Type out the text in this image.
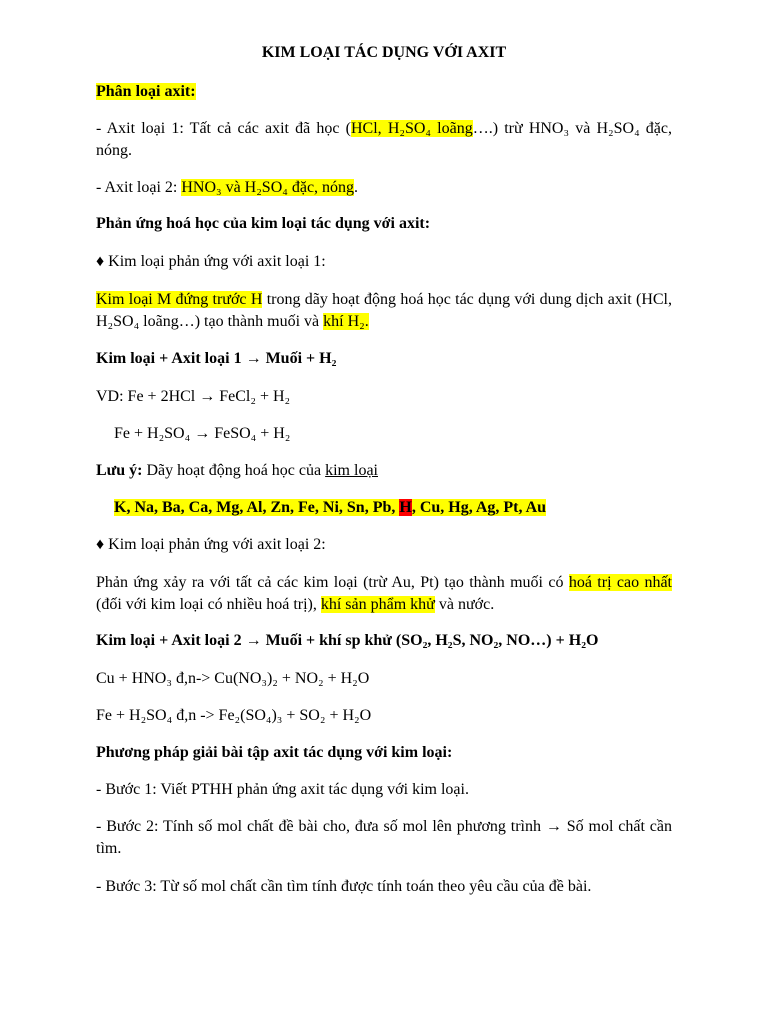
KIM LOẠI TÁC DỤNG VỚI AXIT
Phân loại axit:
- Axit loại 1: Tất cả các axit đã học (HCl, H₂SO₄ loãng….) trừ HNO₃ và H₂SO₄ đặc, nóng.
- Axit loại 2: HNO₃ và H₂SO₄ đặc, nóng.
Phản ứng hoá học của kim loại tác dụng với axit:
♦ Kim loại phản ứng với axit loại 1:
Kim loại M đứng trước H trong dãy hoạt động hoá học tác dụng với dung dịch axit (HCl, H₂SO₄ loãng…) tạo thành muối và khí H₂.
Kim loại + Axit loại 1 → Muối + H₂
VD: Fe + 2HCl → FeCl₂ + H₂
Fe + H₂SO₄ → FeSO₄ + H₂
Lưu ý: Dãy hoạt động hoá học của kim loại
K, Na, Ba, Ca, Mg, Al, Zn, Fe, Ni, Sn, Pb, H, Cu, Hg, Ag, Pt, Au
♦ Kim loại phản ứng với axit loại 2:
Phản ứng xảy ra với tất cả các kim loại (trừ Au, Pt) tạo thành muối có hoá trị cao nhất (đối với kim loại có nhiều hoá trị), khí sản phẩm khử và nước.
Kim loại + Axit loại 2 → Muối + khí sp khử (SO₂, H₂S, NO₂, NO…) + H₂O
Cu + HNO₃ đ,n-> Cu(NO₃)₂ + NO₂ + H₂O
Fe + H₂SO₄ đ,n -> Fe₂(SO₄)₃ + SO₂ + H₂O
Phương pháp giải bài tập axit tác dụng với kim loại:
- Bước 1: Viết PTHH phản ứng axit tác dụng với kim loại.
- Bước 2: Tính số mol chất đề bài cho, đưa số mol lên phương trình → Số mol chất cần tìm.
- Bước 3: Từ số mol chất cần tìm tính được tính toán theo yêu cầu của đề bài.
